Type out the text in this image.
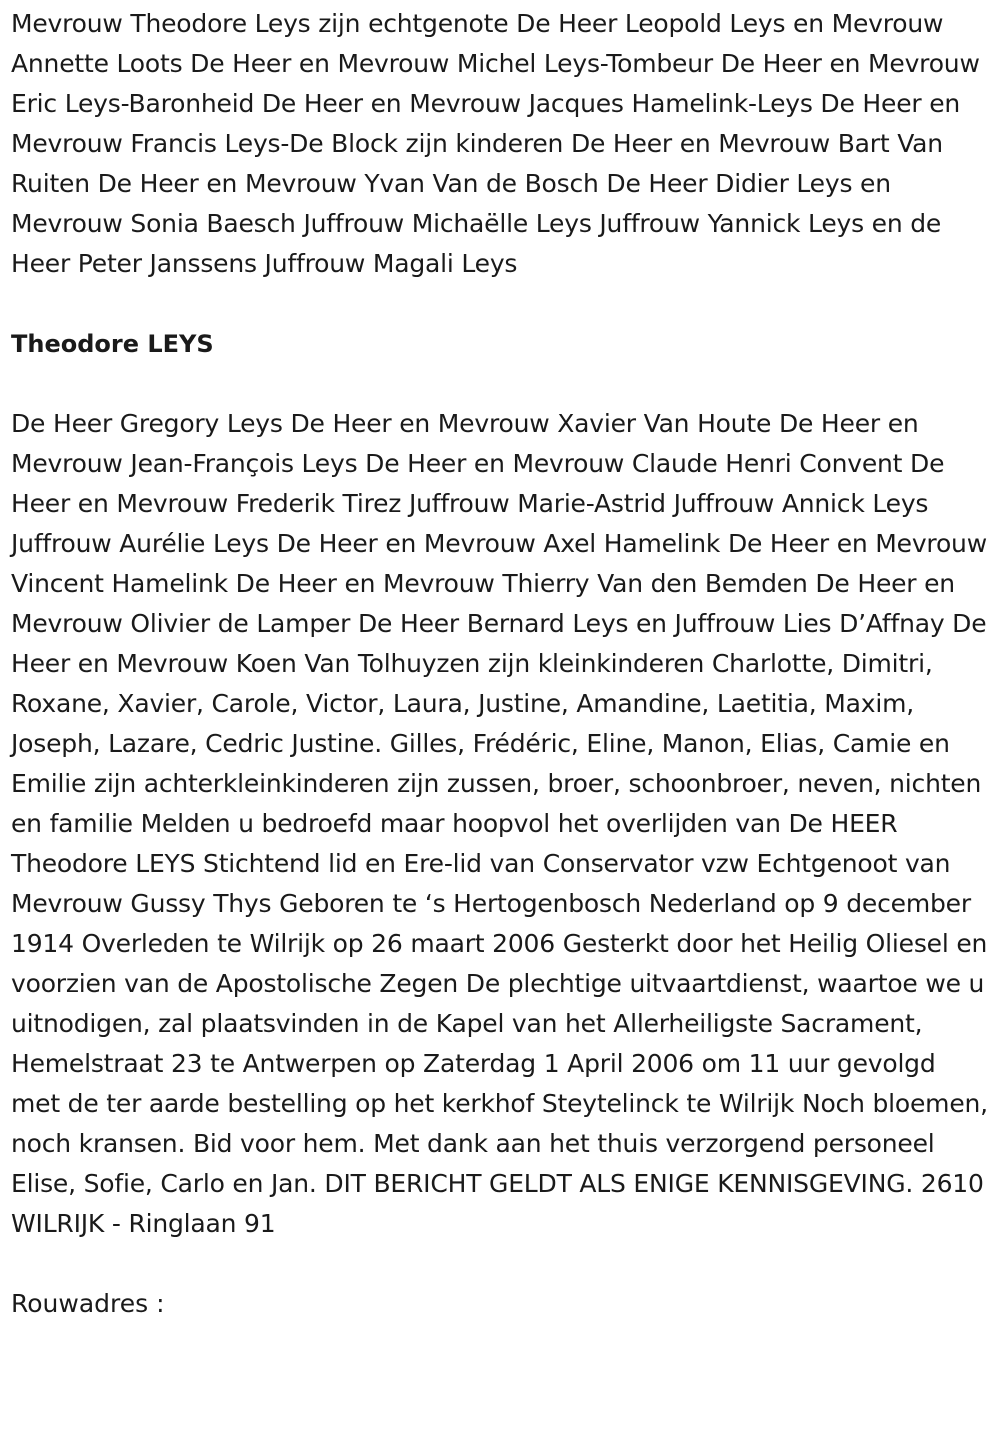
Mevrouw Theodore Leys zijn echtgenote De Heer Leopold Leys en Mevrouw Annette Loots De Heer en Mevrouw Michel Leys-Tombeur De Heer en Mevrouw Eric Leys-Baronheid De Heer en Mevrouw Jacques Hamelink-Leys De Heer en Mevrouw Francis Leys-De Block zijn kinderen De Heer en Mevrouw Bart Van Ruiten De Heer en Mevrouw Yvan Van de Bosch De Heer Didier Leys en Mevrouw Sonia Baesch Juffrouw Michaëlle Leys Juffrouw Yannick Leys en de Heer Peter Janssens Juffrouw Magali Leys

Theodore LEYS

De Heer Gregory Leys De Heer en Mevrouw Xavier Van Houte De Heer en Mevrouw Jean-François Leys De Heer en Mevrouw Claude Henri Convent De Heer en Mevrouw Frederik Tirez Juffrouw Marie-Astrid Juffrouw Annick Leys Juffrouw Aurélie Leys De Heer en Mevrouw Axel Hamelink De Heer en Mevrouw Vincent Hamelink De Heer en Mevrouw Thierry Van den Bemden De Heer en Mevrouw Olivier de Lamper De Heer Bernard Leys en Juffrouw Lies D’Affnay De Heer en Mevrouw Koen Van Tolhuyzen zijn kleinkinderen Charlotte, Dimitri, Roxane, Xavier, Carole, Victor, Laura, Justine, Amandine, Laetitia, Maxim, Joseph, Lazare, Cedric Justine. Gilles, Frédéric, Eline, Manon, Elias, Camie en Emilie zijn achterkleinkinderen zijn zussen, broer, schoonbroer, neven, nichten en familie Melden u bedroefd maar hoopvol het overlijden van De HEER Theodore LEYS Stichtend lid en Ere-lid van Conservator vzw Echtgenoot van Mevrouw Gussy Thys Geboren te ‘s Hertogenbosch Nederland op 9 december 1914 Overleden te Wilrijk op 26 maart 2006 Gesterkt door het Heilig Oliesel en voorzien van de Apostolische Zegen De plechtige uitvaartdienst, waartoe we u uitnodigen, zal plaatsvinden in de Kapel van het Allerheiligste Sacrament, Hemelstraat 23 te Antwerpen op Zaterdag 1 April 2006 om 11 uur gevolgd met de ter aarde bestelling op het kerkhof Steytelinck te Wilrijk Noch bloemen, noch kransen. Bid voor hem. Met dank aan het thuis verzorgend personeel Elise, Sofie, Carlo en Jan. DIT BERICHT GELDT ALS ENIGE KENNISGEVING. 2610 WILRIJK - Ringlaan 91

Rouwadres :
